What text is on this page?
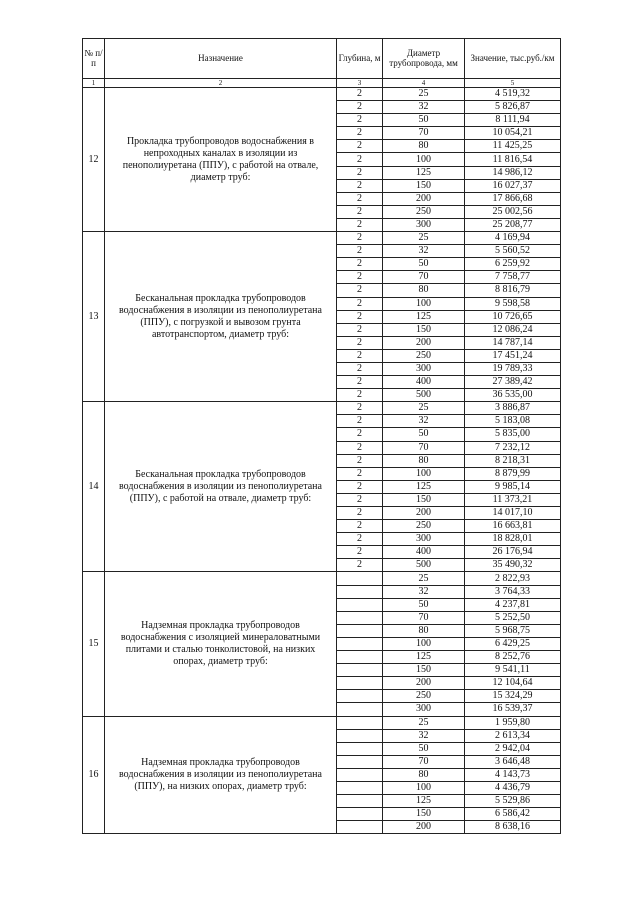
№ п/п	Назначение	Глубина, м	Диаметр трубопровода, мм	Значение, тыс.руб./км
1	2	3	4	5
12	Прокладка трубопроводов водоснабжения в непроходных каналах в изоляции из пенополиуретана (ППУ), с работой на отвале, диаметр труб:	2	25	4 519,32
		2	32	5 826,87
		2	50	8 111,94
		2	70	10 054,21
		2	80	11 425,25
		2	100	11 816,54
		2	125	14 986,12
		2	150	16 027,37
		2	200	17 866,68
		2	250	25 002,56
		2	300	25 208,77
13	Бесканальная прокладка трубопроводов водоснабжения в изоляции из пенополиуретана (ППУ), с погрузкой и вывозом грунта автотранспортом, диаметр труб:	2	25	4 169,94
		2	32	5 560,52
		2	50	6 259,92
		2	70	7 758,77
		2	80	8 816,79
		2	100	9 598,58
		2	125	10 726,65
		2	150	12 086,24
		2	200	14 787,14
		2	250	17 451,24
		2	300	19 789,33
		2	400	27 389,42
		2	500	36 535,00
14	Бесканальная прокладка трубопроводов водоснабжения в изоляции из пенополиуретана (ППУ), с работой на отвале, диаметр труб:	2	25	3 886,87
		2	32	5 183,08
		2	50	5 835,00
		2	70	7 232,12
		2	80	8 218,31
		2	100	8 879,99
		2	125	9 985,14
		2	150	11 373,21
		2	200	14 017,10
		2	250	16 663,81
		2	300	18 828,01
		2	400	26 176,94
		2	500	35 490,32
15	Надземная прокладка трубопроводов водоснабжения с изоляцией минераловатными плитами и сталью тонколистовой, на низких опорах, диаметр труб:		25	2 822,93
			32	3 764,33
			50	4 237,81
			70	5 252,50
			80	5 968,75
			100	6 429,25
			125	8 252,76
			150	9 541,11
			200	12 104,64
			250	15 324,29
			300	16 539,37
16	Надземная прокладка трубопроводов водоснабжения в изоляции из пенополиуретана (ППУ), на низких опорах, диаметр труб:		25	1 959,80
			32	2 613,34
			50	2 942,04
			70	3 646,48
			80	4 143,73
			100	4 436,79
			125	5 529,86
			150	6 586,42
			200	8 638,16
